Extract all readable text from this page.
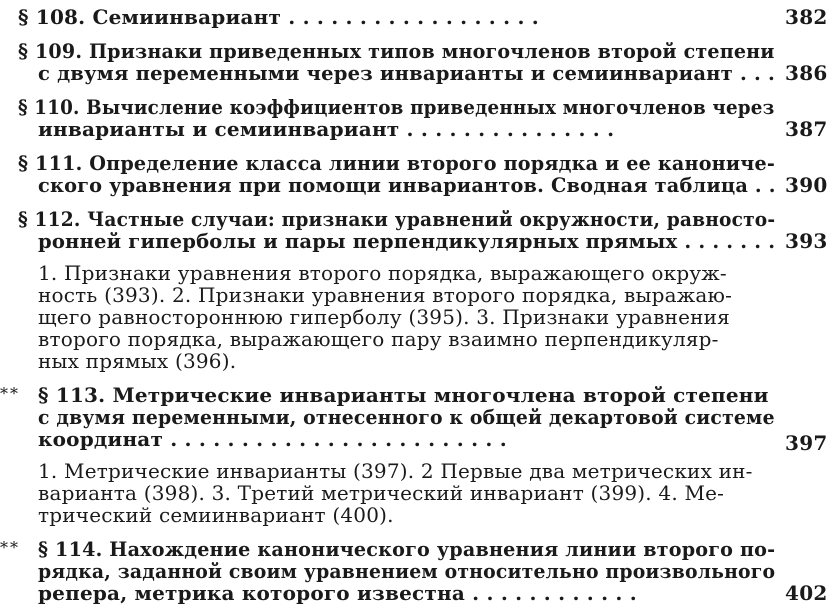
§ 108. Семиинвариант . . . . . . . . . . . . . . . . . .	382
§ 109. Признаки приведенных типов многочленов второй степени
с двумя переменными через инварианты и семиинвариант . . . 386
§ 110. Вычисление коэффициентов приведенных многочленов через
инварианты и семиинвариант . . . . . . . . . . . . . . .	387
§ 111. Определение класса линии второго порядка и ее канониче-
ского уравнения при помощи инвариантов. Сводная таблица . . 390
§ 112. Частные случаи: признаки уравнений окружности, равносто-
ронней гиперболы и пары перпендикулярных прямых . . . . . . . 393
1. Признаки уравнения второго порядка, выражающего окруж-
ность (393). 2. Признаки уравнения второго порядка, выражаю-
щего равностороннюю гиперболу (395). 3. Признаки уравнения
второго порядка, выражающего пару взаимно перпендикуляр-
ных прямых (396).
** § 113. Метрические инварианты многочлена второй степени
с двумя переменными, отнесенного к общей декартовой системе
координат . . . . . . . . . . . . . . . . . . . . . . . .	397
1. Метрические инварианты (397). 2 Первые два метрических ин-
варианта (398). 3. Третий метрический инвариант (399). 4. Ме-
трический семиинвариант (400).
** § 114. Нахождение канонического уравнения линии второго по-
рядка, заданной своим уравнением относительно произвольного
репера, метрика которого известна . . . . . . . . . . . .	402
